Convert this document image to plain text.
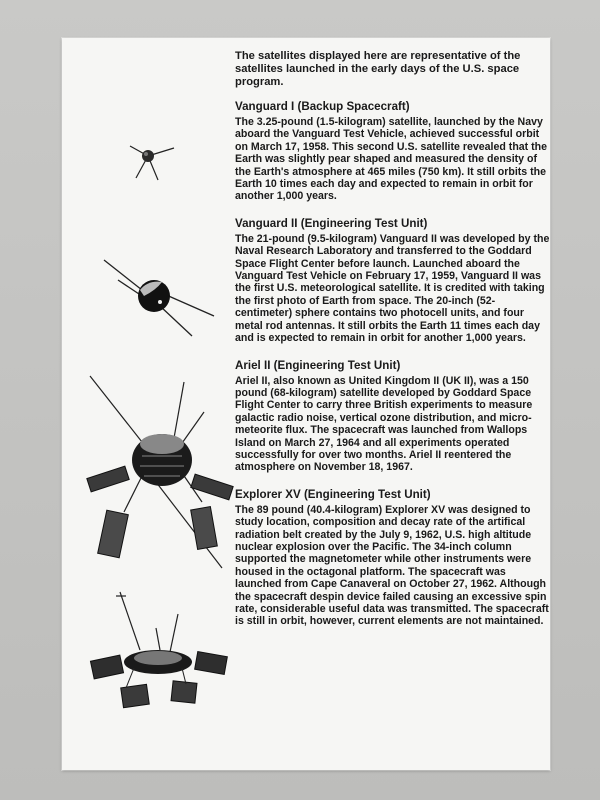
The satellites displayed here are representative of the satellites launched in the early days of the U.S. space program.

Vanguard I (Backup Spacecraft)

The 3.25-pound (1.5-kilogram) satellite, launched by the Navy aboard the Vanguard Test Vehicle, achieved successful orbit on March 17, 1958. This second U.S. satellite revealed that the Earth was slightly pear shaped and measured the density of the Earth's atmosphere at 465 miles (750 km). It still orbits the Earth 10 times each day and expected to remain in orbit for another 1,000 years.

Vanguard II (Engineering Test Unit)

The 21-pound (9.5-kilogram) Vanguard II was developed by the Naval Research Laboratory and transferred to the Goddard Space Flight Center before launch. Launched aboard the Vanguard Test Vehicle on February 17, 1959, Vanguard II was the first U.S. meteorological satellite. It is credited with taking the first photo of Earth from space. The 20-inch (52-centimeter) sphere contains two photocell units, and four metal rod antennas. It still orbits the Earth 11 times each day and is expected to remain in orbit for another 1,000 years.

Ariel II (Engineering Test Unit)

Ariel II, also known as United Kingdom II (UK II), was a 150 pound (68-kilogram) satellite developed by Goddard Space Flight Center to carry three British experiments to measure galactic radio noise, vertical ozone distribution, and micro-meteorite flux. The spacecraft was launched from Wallops Island on March 27, 1964 and all experiments operated successfully for over two months. Ariel II reentered the atmosphere on November 18, 1967.

Explorer XV (Engineering Test Unit)

The 89 pound (40.4-kilogram) Explorer XV was designed to study location, composition and decay rate of the artifical radiation belt created by the July 9, 1962, U.S. high altitude nuclear explosion over the Pacific. The 34-inch column supported the magnetometer while other instruments were housed in the octagonal platform. The spacecraft was launched from Cape Canaveral on October 27, 1962. Although the spacecraft despin device failed causing an excessive spin rate, considerable useful data was transmitted. The spacecraft is still in orbit, however, current elements are not maintained.
